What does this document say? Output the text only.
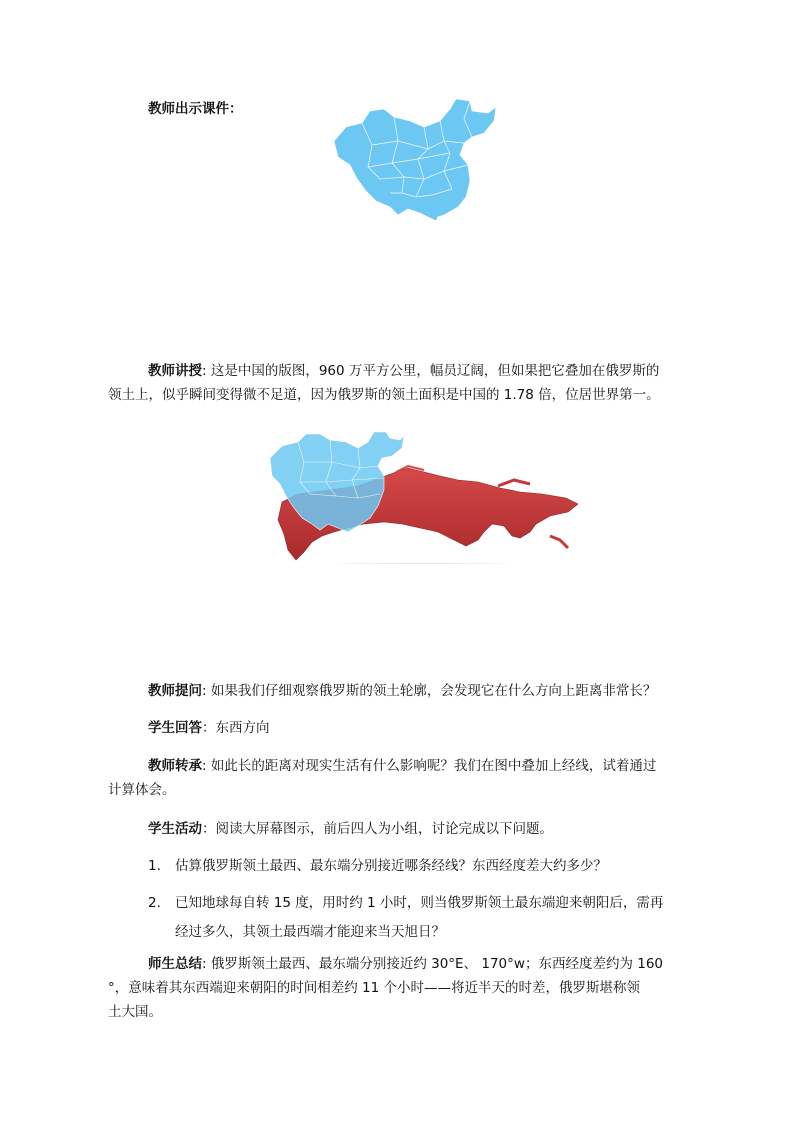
教师出示课件：

教师讲授: 这是中国的版图，960 万平方公里，幅员辽阔，但如果把它叠加在俄罗斯的

领土上，似乎瞬间变得微不足道，因为俄罗斯的领土面积是中国的 1.78 倍，位居世界第一。

教师提问: 如果我们仔细观察俄罗斯的领土轮廓，会发现它在什么方向上距离非常长？

学生回答：东西方向

教师转承: 如此长的距离对现实生活有什么影响呢？我们在图中叠加上经线，试着通过

计算体会。

学生活动：阅读大屏幕图示，前后四人为小组，讨论完成以下问题。

1.	估算俄罗斯领土最西、最东端分别接近哪条经线？东西经度差大约多少？
2.	已知地球每自转 15 度，用时约 1 小时，则当俄罗斯领土最东端迎来朝阳后，需再
经过多久，其领土最西端才能迎来当天旭日？

师生总结: 俄罗斯领土最西、最东端分别接近约 30°E、 170°w；东西经度差约为 160

°，意味着其东西端迎来朝阳的时间相差约 11 个小时——将近半天的时差，俄罗斯堪称领

土大国。
